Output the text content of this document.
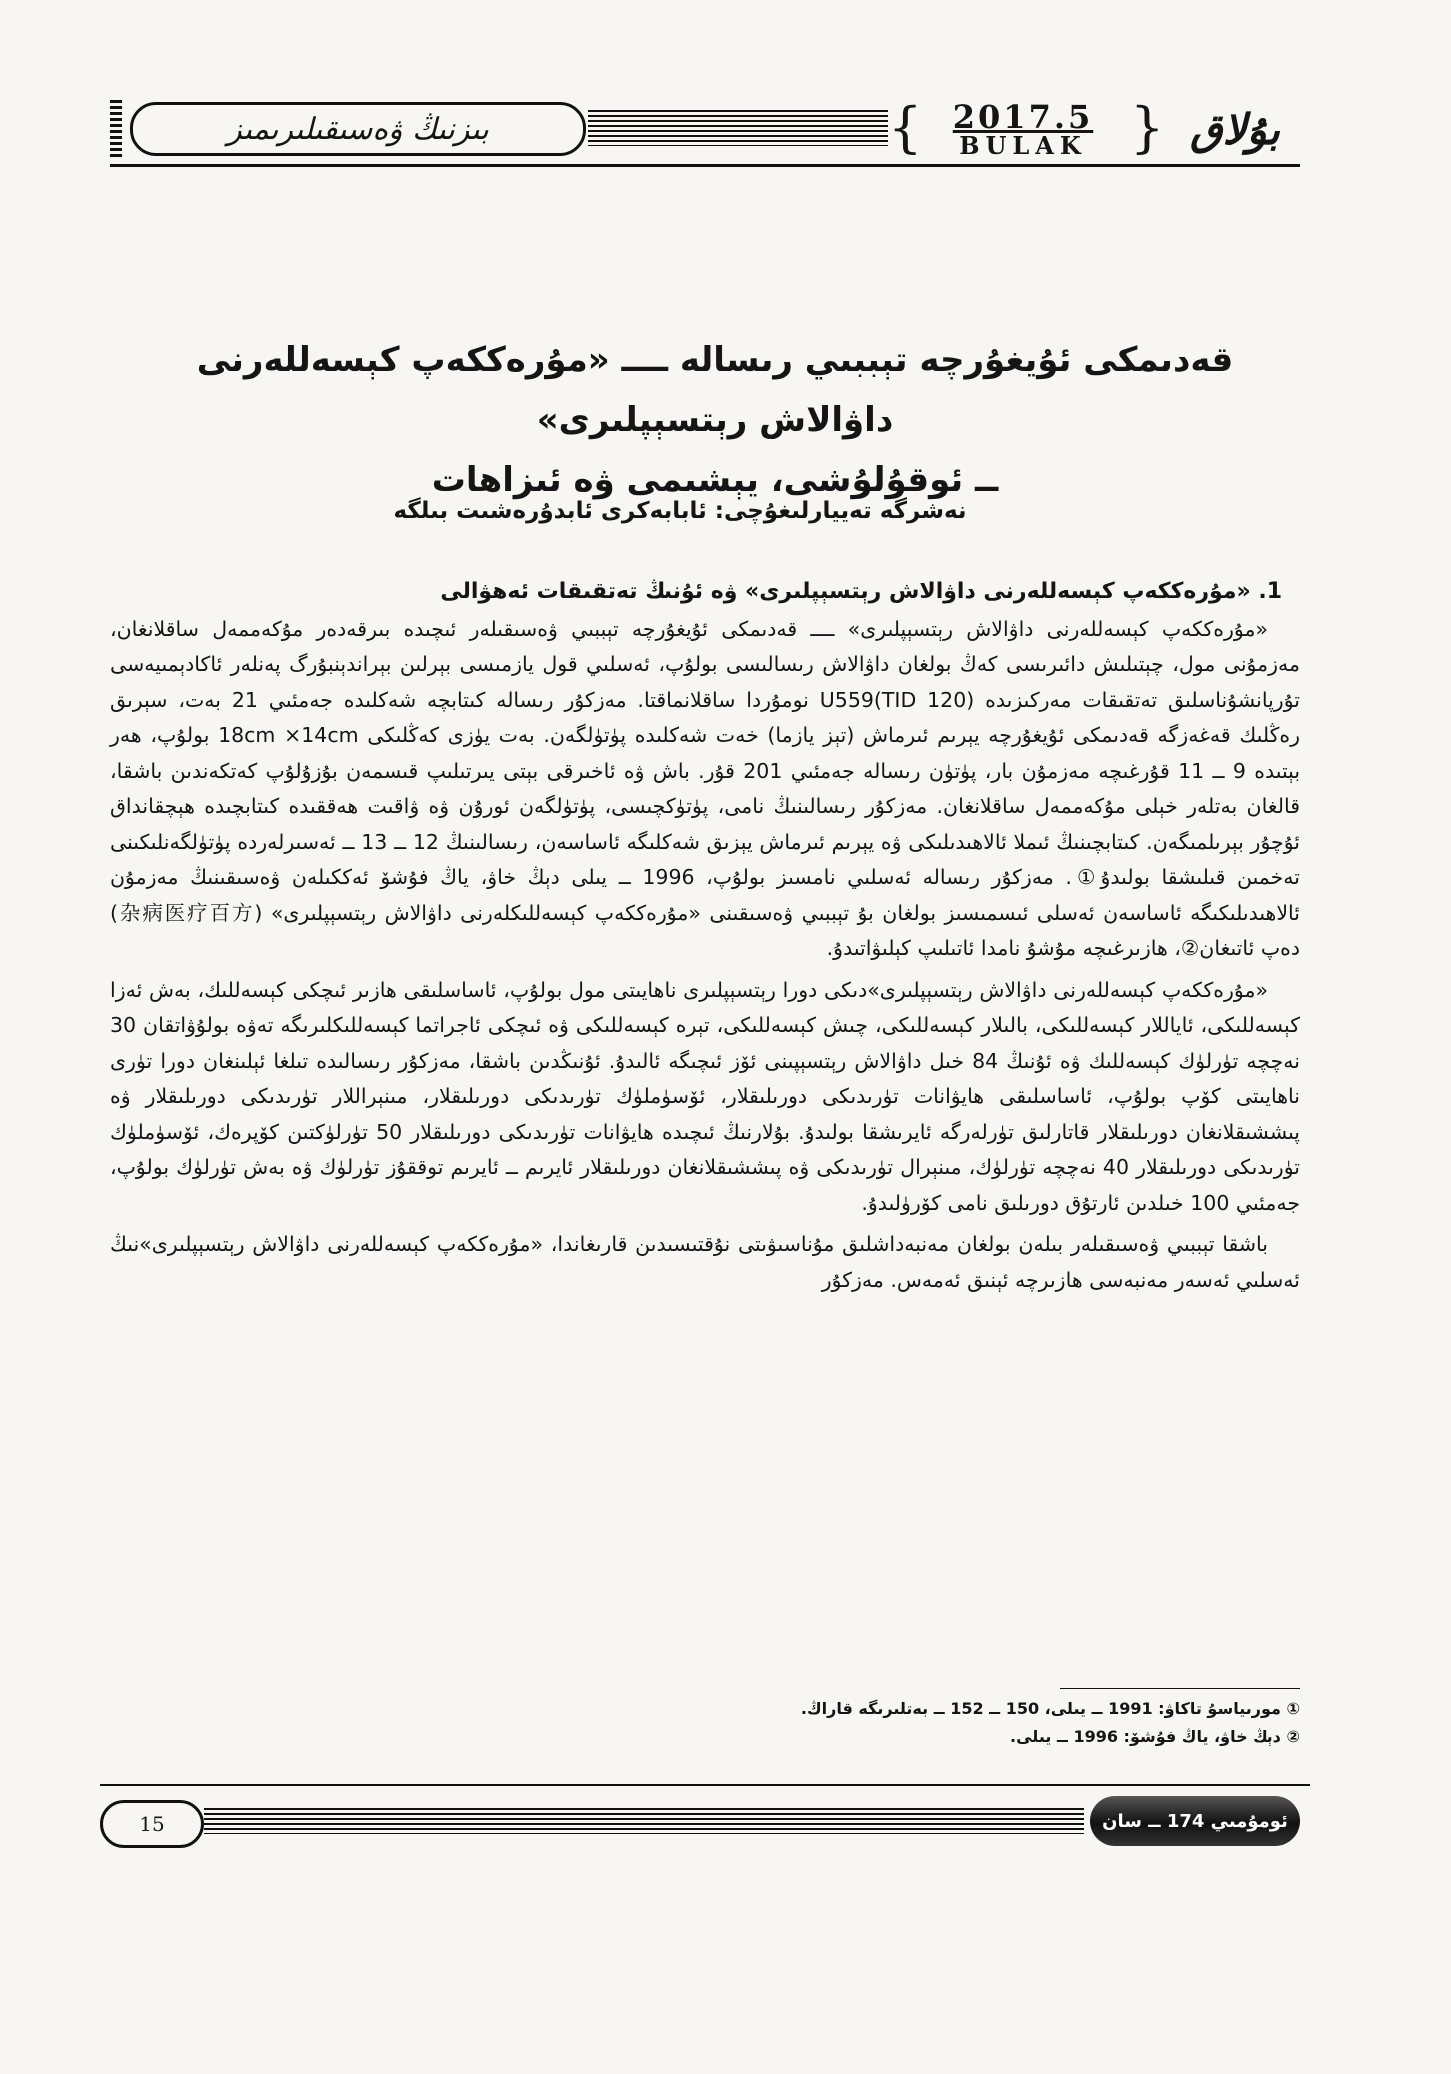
بىزنىڭ ۋەسىقىلىرىمىز	{ 2017.5
BULAK } بۇلاق
قەدىمكى ئۇيغۇرچە تېببىي رىسالە ــــ «مۇرەككەپ كېسەللەرنى داۋالاش رېتسېپلىرى»
ــ ئوقۇلۇشى، يېشىمى ۋە ئىزاھات
نەشرگە تەييارلىغۇچى: ئابابەكرى ئابدۇرەشىت بىلگە

1. «مۇرەككەپ كېسەللەرنى داۋالاش رېتسېپلىرى» ۋە ئۇنىڭ تەتقىقات ئەھۋالى

«مۇرەككەپ كېسەللەرنى داۋالاش رېتسېپلىرى» ــــ قەدىمكى ئۇيغۇرچە تېببىي ۋەسىقىلەر ئىچىدە بىرقەدەر مۇكەممەل ساقلانغان، مەزمۇنى مول، چېتىلىش دائىرىسى كەڭ بولغان داۋالاش رىسالىسى بولۇپ، ئەسلىي قول يازمىسى بېرلىن بېراندېنبۇرگ پەنلەر ئاكادېمىيەسى تۇرپانشۇناسلىق تەتقىقات مەركىزىدە U559(TID 120) نومۇردا ساقلانماقتا. مەزكۇر رىسالە كىتابچە شەكلىدە جەمئىي 21 بەت، سېرىق رەڭلىك قەغەزگە قەدىمكى ئۇيغۇرچە يېرىم ئىرماش (تېز يازما) خەت شەكلىدە پۈتۈلگەن. بەت يۈزى كەڭلىكى 18cm ×14cm بولۇپ، ھەر بېتىدە 9 ــ 11 قۇرغىچە مەزمۇن بار، پۈتۈن رىسالە جەمئىي 201 قۇر. باش ۋە ئاخىرقى بېتى يىرتىلىپ قىسمەن بۇزۇلۇپ كەتكەندىن باشقا، قالغان بەتلەر خېلى مۇكەممەل ساقلانغان. مەزكۇر رىسالىنىڭ نامى، پۈتۈكچىسى، پۈتۈلگەن ئورۇن ۋە ۋاقىت ھەققىدە كىتابچىدە ھېچقانداق ئۇچۇر بېرىلمىگەن. كىتابچىنىڭ ئىملا ئالاھىدىلىكى ۋە يېرىم ئىرماش يېزىق شەكلىگە ئاساسەن، رىسالىنىڭ 12 ــ 13 ــ ئەسىرلەردە پۈتۈلگەنلىكىنى تەخمىن قىلىشقا بولىدۇ①. مەزكۇر رىسالە ئەسلىي نامسىز بولۇپ، 1996 ــ يىلى دېڭ خاۋ، ياڭ فۇشۆ ئەككىلەن ۋەسىقىنىڭ مەزمۇن ئالاھىدىلىكىگە ئاساسەن ئەسلى ئىسمىسىز بولغان بۇ تېببىي ۋەسىقىنى «مۇرەككەپ كېسەللىكلەرنى داۋالاش رېتسېپلىرى» (杂病医疗百方) دەپ ئاتىغان②، ھازىرغىچە مۇشۇ نامدا ئاتىلىپ كېلىۋاتىدۇ.

«مۇرەككەپ كېسەللەرنى داۋالاش رېتسېپلىرى»دىكى دورا رېتسېپلىرى ناھايىتى مول بولۇپ، ئاساسلىقى ھازىر ئىچكى كېسەللىك، بەش ئەزا كېسەللىكى، ئاياللار كېسەللىكى، بالىلار كېسەللىكى، چىش كېسەللىكى، تېرە كېسەللىكى ۋە ئىچكى ئاجراتما كېسەللىكلىرىگە تەۋە بولۇۋاتقان 30 نەچچە تۈرلۈك كېسەللىك ۋە ئۇنىڭ 84 خىل داۋالاش رېتسېپىنى ئۆز ئىچىگە ئالىدۇ. ئۇنىڭدىن باشقا، مەزكۇر رىسالىدە تىلغا ئېلىنغان دورا تۈرى ناھايىتى كۆپ بولۇپ، ئاساسلىقى ھايۋانات تۈرىدىكى دورىلىقلار، ئۆسۈملۈك تۈرىدىكى دورىلىقلار، مىنېراللار تۈرىدىكى دورىلىقلار ۋە پىششىقلانغان دورىلىقلار قاتارلىق تۈرلەرگە ئايرىشقا بولىدۇ. بۇلارنىڭ ئىچىدە ھايۋانات تۈرىدىكى دورىلىقلار 50 تۈرلۈكتىن كۆپرەك، ئۆسۈملۈك تۈرىدىكى دورىلىقلار 40 نەچچە تۈرلۈك، مىنېرال تۈرىدىكى ۋە پىششىقلانغان دورىلىقلار ئايرىم ــ ئايرىم توققۇز تۈرلۈك ۋە بەش تۈرلۈك بولۇپ، جەمئىي 100 خىلدىن ئارتۇق دورىلىق نامى كۆرۈلىدۇ.

باشقا تېببىي ۋەسىقىلەر بىلەن بولغان مەنبەداشلىق مۇناسىۋىتى نۇقتىسىدىن قارىغاندا، «مۇرەككەپ كېسەللەرنى داۋالاش رېتسېپلىرى»نىڭ ئەسلىي ئەسەر مەنبەسى ھازىرچە ئېنىق ئەمەس. مەزكۇر

① مورىياسۇ تاكاۋ: 1991 ــ يىلى، 150 ــ 152 ــ بەتلىرىگە قاراڭ.
② دېڭ خاۋ، ياڭ فۇشۆ: 1996 ــ يىلى.
15	ئومۇمىي 174 ــ سان
